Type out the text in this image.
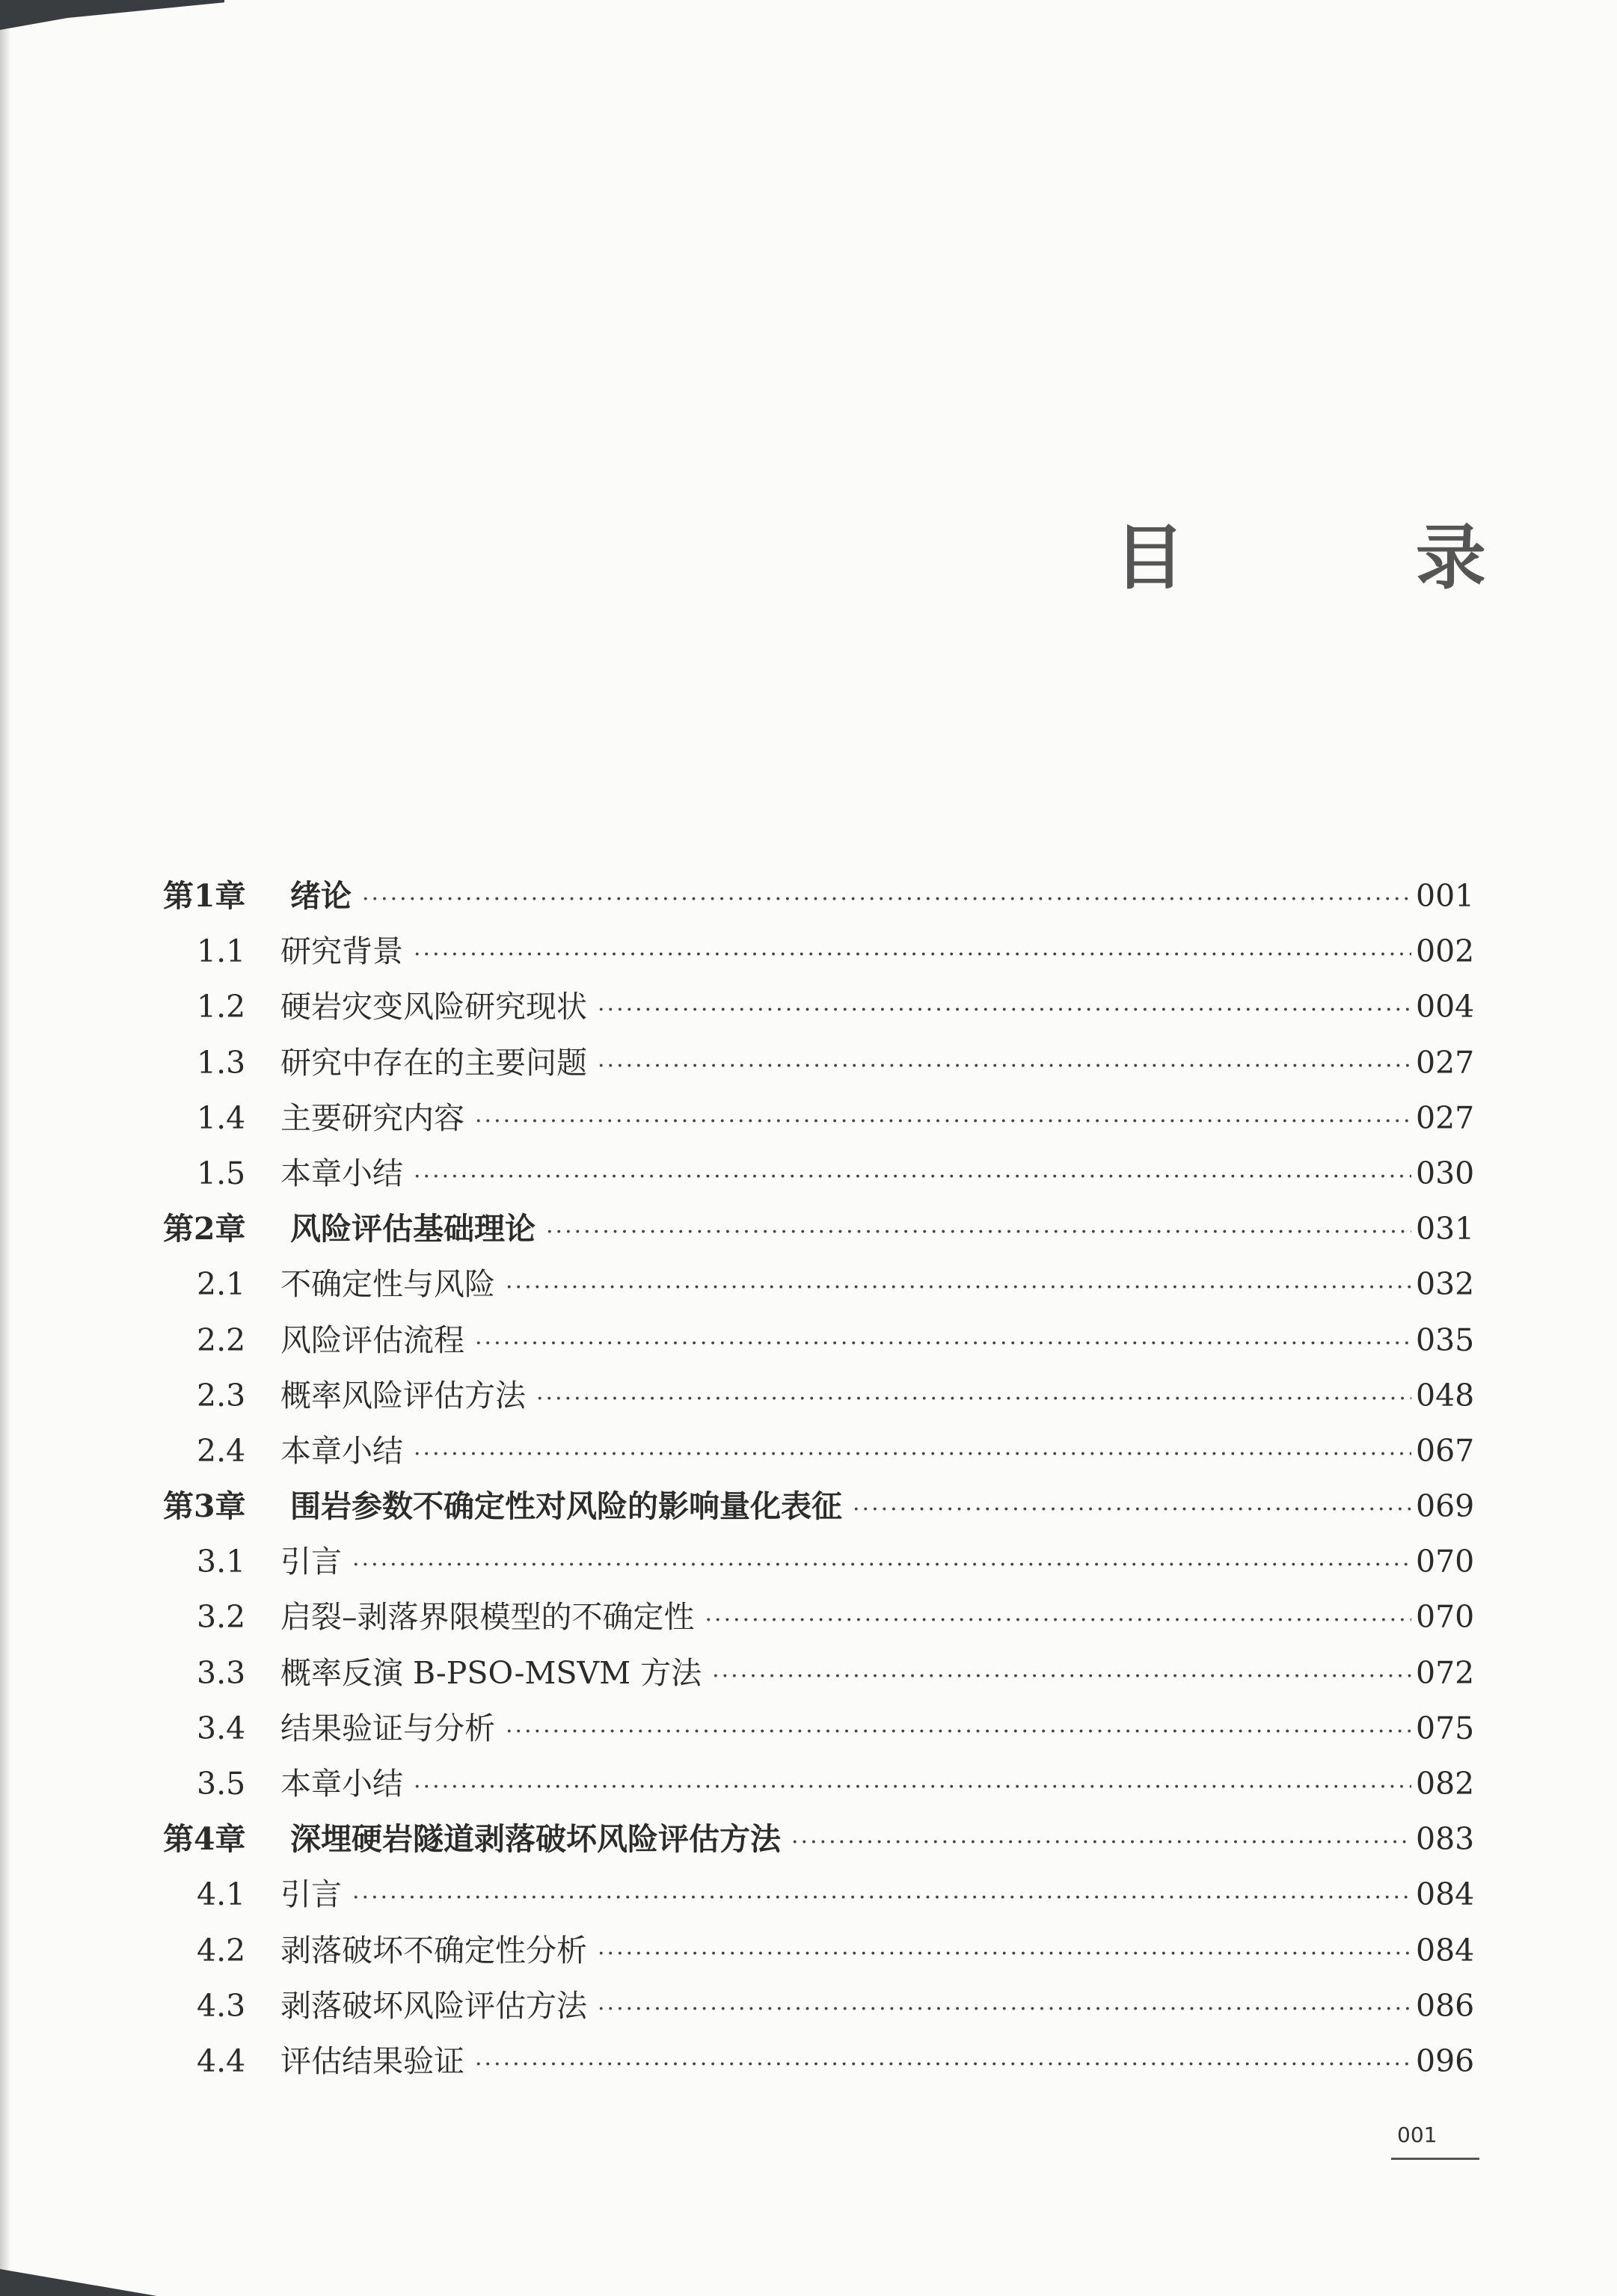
目 录
第1章	绪论 ·····	001
1.1	研究背景 ·····	002
1.2	硬岩灾变风险研究现状 ·····	004
1.3	研究中存在的主要问题 ·····	027
1.4	主要研究内容 ·····	027
1.5	本章小结 ·····	030
第2章	风险评估基础理论 ·····	031
2.1	不确定性与风险 ·····	032
2.2	风险评估流程 ·····	035
2.3	概率风险评估方法 ·····	048
2.4	本章小结 ·····	067
第3章	围岩参数不确定性对风险的影响量化表征 ·····	069
3.1	引言 ·····	070
3.2	启裂–剥落界限模型的不确定性 ·····	070
3.3	概率反演 B-PSO-MSVM 方法 ·····	072
3.4	结果验证与分析 ·····	075
3.5	本章小结 ·····	082
第4章	深埋硬岩隧道剥落破坏风险评估方法 ·····	083
4.1	引言 ·····	084
4.2	剥落破坏不确定性分析 ·····	084
4.3	剥落破坏风险评估方法 ·····	086
4.4	评估结果验证 ·····	096
001
